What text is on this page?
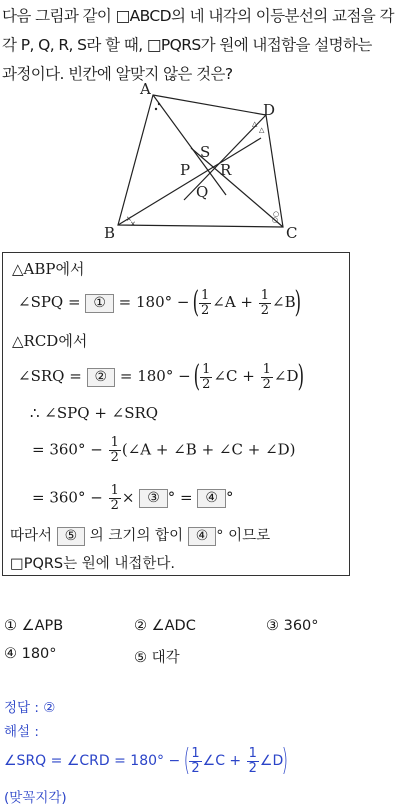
다음 그림과 같이 □ABCD의 네 내각의 이등분선의 교점을 각
각 P, Q, R, S라 할 때, □PQRS가 원에 내접함을 설명하는
과정이다. 빈칸에 알맞지 않은 것은?
×
×	○
○
△
△
A
D
B	C
S
P R
Q
△ABP에서
∠SPQ = ① = 180° − ( $\frac{1}{2}$ ∠A + $\frac{1}{2}$ ∠B)
△RCD에서
∠SRQ = ② = 180° − ( $\frac{1}{2}$ ∠C + $\frac{1}{2}$ ∠D)
∴ ∠SPQ + ∠SRQ
= $360^\circ - \frac{1}{2}$ (∠A + ∠B + ∠C + ∠D)
= $360^\circ - \frac{1}{2}$ × ③ ° = ④ °
따라서 ⑤ 의 크기의 합이 ④ ° 이므로
□PQRS는 원에 내접한다.
① ∠APB	② ∠ADC	③ 360°
④ 180°	⑤ 대각
정답 : ②
해설 :
∠SRQ = ∠CRD = 180° − ( $\frac{1}{2}$ ∠C + $\frac{1}{2}$ ∠D)
(맞꼭지각)
